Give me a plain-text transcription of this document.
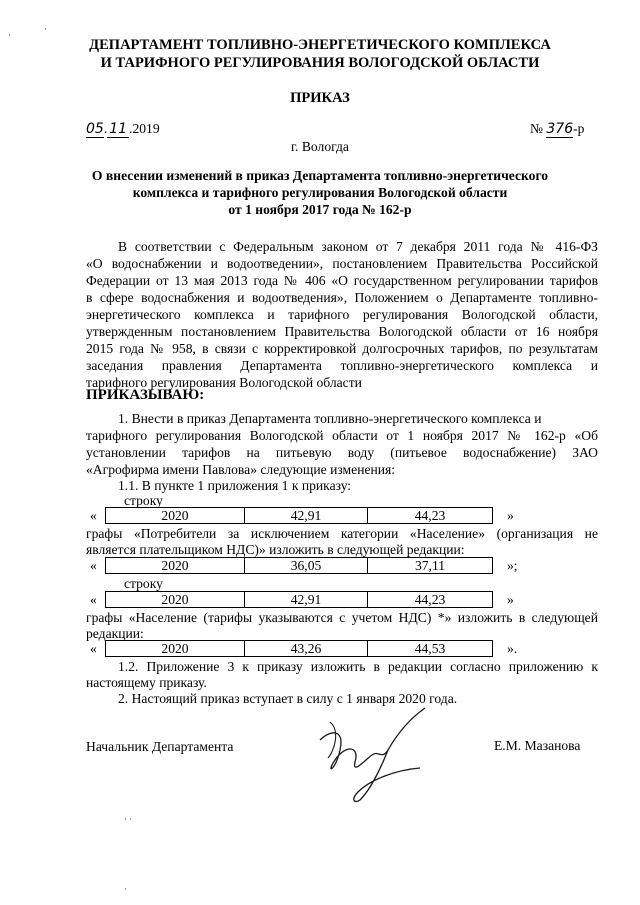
·
·
ДЕПАРТАМЕНТ ТОПЛИВНО-ЭНЕРГЕТИЧЕСКОГО КОМПЛЕКСА
И ТАРИФНОГО РЕГУЛИРОВАНИЯ ВОЛОГОДСКОЙ ОБЛАСТИ
ПРИКАЗ
05. 11 .2019	№ 376-р
г. Вологда
О внесении изменений в приказ Департамента топливно-энергетического
комплекса и тарифного регулирования Вологодской области
от 1 ноября 2017 года № 162-р
В соответствии с Федеральным законом от 7 декабря 2011 года № 416-ФЗ
«О водоснабжении и водоотведении», постановлением Правительства Российской
Федерации от 13 мая 2013 года № 406 «О государственном регулировании тарифов
в сфере водоснабжения и водоотведения», Положением о Департаменте топливно-
энергетического комплекса и тарифного регулирования Вологодской области,
утвержденным постановлением Правительства Вологодской области от 16 ноября
2015 года № 958, в связи с корректировкой долгосрочных тарифов, по результатам
заседания правления Департамента топливно-энергетического комплекса и
тарифного регулирования Вологодской области
ПРИКАЗЫВАЮ:
1. Внести в приказ Департамента топливно-энергетического комплекса и
тарифного регулирования Вологодской области от 1 ноября 2017 № 162-р «Об
установлении тарифов на питьевую воду (питьевое водоснабжение) ЗАО
«Агрофирма имени Павлова» следующие изменения:
1.1. В пункте 1 приложения 1 к приказу:
строку
«	2020	42,91	44,23	»
графы «Потребители за исключением категории «Население» (организация не
является плательщиком НДС)» изложить в следующей редакции:
«	2020	36,05	37,11	»;
строку
«	2020	42,91	44,23	»
графы «Население (тарифы указываются с учетом НДС) *» изложить в следующей
редакции:
«	2020	43,26	44,53	».
1.2. Приложение 3 к приказу изложить в редакции согласно приложению к
настоящему приказу.
2. Настоящий приказ вступает в силу с 1 января 2020 года.
Начальник Департамента	Е.М. Мазанова
· ·
·
